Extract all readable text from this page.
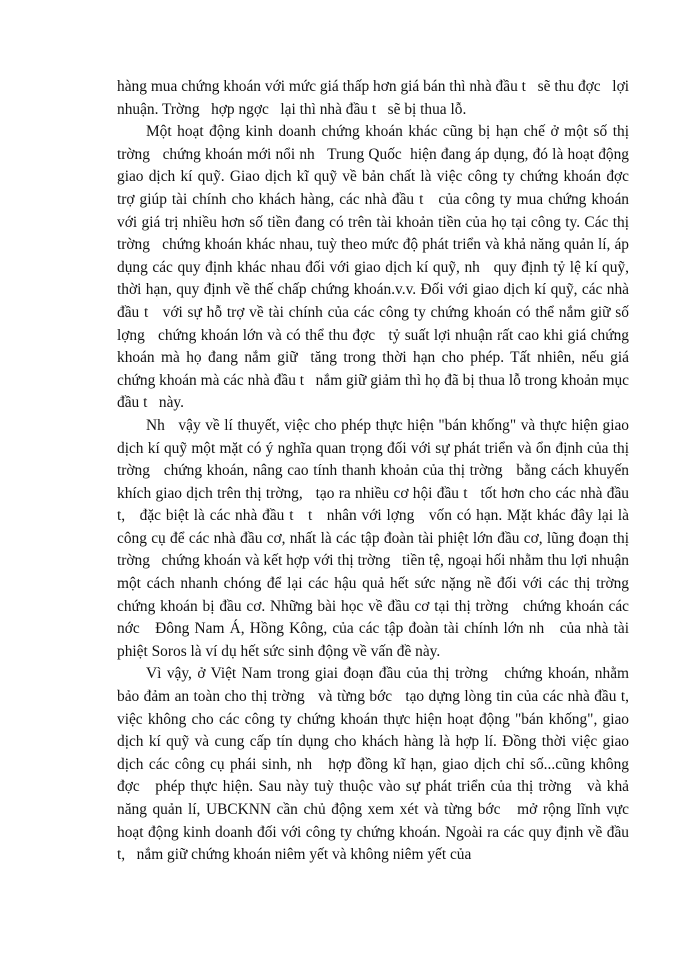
hàng mua chứng khoán với mức giá thấp hơn giá bán thì nhà đầu t   sẽ thu đợc   lợi nhuận. Trờng   hợp ngợc   lại thì nhà đầu t   sẽ bị thua lỗ.

Một hoạt động kinh doanh chứng khoán khác cũng bị hạn chế ở một số thị trờng   chứng khoán mới nổi nh   Trung Quốc  hiện đang áp dụng, đó là hoạt động giao dịch kí quỹ. Giao dịch kĩ quỹ về bản chất là việc công ty chứng khoán đợc   trợ giúp tài chính cho khách hàng, các nhà đầu t   của công ty mua chứng khoán với giá trị nhiều hơn số tiền đang có trên tài khoản tiền của họ tại công ty. Các thị trờng   chứng khoán khác nhau, tuỳ theo mức độ phát triển và khả năng quản lí, áp dụng các quy định khác nhau đối với giao dịch kí quỹ, nh   quy định tỷ lệ kí quỹ, thời hạn, quy định về thế chấp chứng khoán.v.v. Đối với giao dịch kí quỹ, các nhà đầu t   với sự hỗ trợ về tài chính của các công ty chứng khoán có thể nắm giữ số lợng   chứng khoán lớn và có thể thu đợc   tỷ suất lợi nhuận rất cao khi giá chứng khoán mà họ đang nắm giữ  tăng trong thời hạn cho phép. Tất nhiên, nếu giá chứng khoán mà các nhà đầu t   nắm giữ giảm thì họ đã bị thua lỗ trong khoản mục đầu t   này.

Nh   vậy về lí thuyết, việc cho phép thực hiện "bán khống" và thực hiện giao dịch kí quỹ một mặt có ý nghĩa quan trọng đối với sự phát triển và ổn định của thị trờng   chứng khoán, nâng cao tính thanh khoản của thị trờng   bằng cách khuyến khích giao dịch trên thị trờng,   tạo ra nhiều cơ hội đầu t   tốt hơn cho các nhà đầu t,   đặc biệt là các nhà đầu t   t   nhân với lợng   vốn có hạn. Mặt khác đây lại là công cụ để các nhà đầu cơ, nhất là các tập đoàn tài phiệt lớn đầu cơ, lũng đoạn thị trờng   chứng khoán và kết hợp với thị trờng   tiền tệ, ngoại hối nhằm thu lợi nhuận một cách nhanh chóng để lại các hậu quả hết sức nặng nề đối với các thị trờng   chứng khoán bị đầu cơ. Những bài học về đầu cơ tại thị trờng   chứng khoán các nớc   Đông Nam Á, Hồng Kông, của các tập đoàn tài chính lớn nh   của nhà tài phiệt Soros là ví dụ hết sức sinh động về vấn đề này.

Vì vậy, ở Việt Nam trong giai đoạn đầu của thị trờng   chứng khoán, nhằm bảo đảm an toàn cho thị trờng   và từng bớc   tạo dựng lòng tin của các nhà đầu t,   việc không cho các công ty chứng khoán thực hiện hoạt động "bán khống", giao dịch kí quỹ và cung cấp tín dụng cho khách hàng là hợp lí. Đồng thời việc giao dịch các công cụ phái sinh, nh   hợp đồng kĩ hạn, giao dịch chỉ số...cũng không đợc   phép thực hiện. Sau này tuỳ thuộc vào sự phát triển của thị trờng   và khả năng quản lí, UBCKNN cần chủ động xem xét và từng bớc   mở rộng lĩnh vực hoạt động kinh doanh đối với công ty chứng khoán. Ngoài ra các quy định về đầu t,   nắm giữ chứng khoán niêm yết và không niêm yết của
